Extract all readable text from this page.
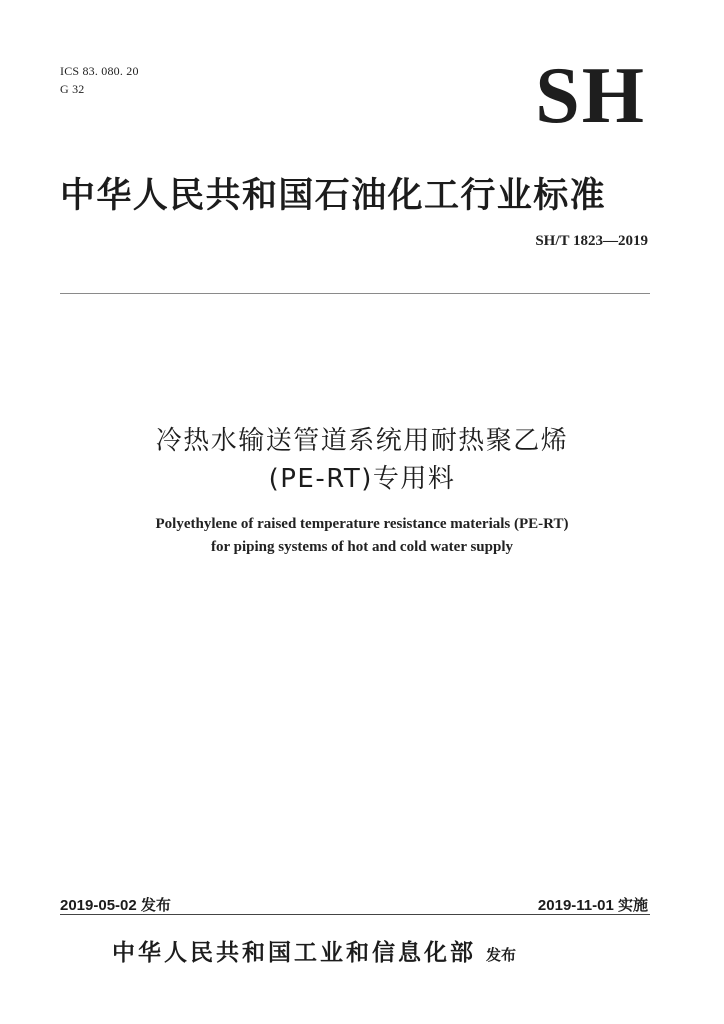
ICS 83. 080. 20
G 32	SH
中华人民共和国石油化工行业标准
SH/T 1823—2019
冷热水输送管道系统用耐热聚乙烯
(PE-RT)专用料
Polyethylene of raised temperature resistance materials (PE-RT)
for piping systems of hot and cold water supply
2019-05-02 发布	2019-11-01 实施
中华人民共和国工业和信息化部 发布
